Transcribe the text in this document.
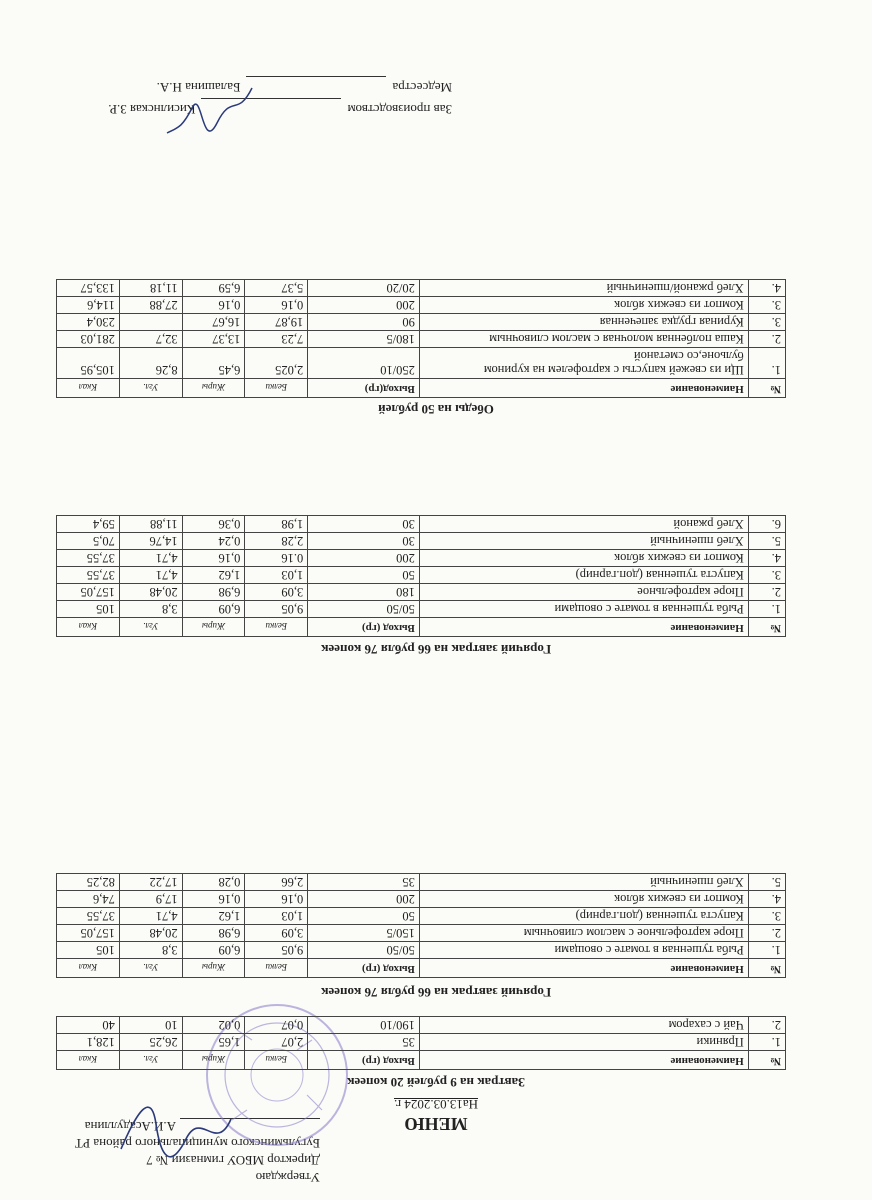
Утверждаю
Директор МБОУ гимназии № 7
Бугульминского муниципального района РТ
А.И.Асадуллина	МЕНЮ
На13.03.2024 г.
Завтрак на 9 рублей 20 копеек
№	Наименование	Выход (гр)	Белки	Жиры	Угл.	Ккал
1.	Пряники	35	2,07	1,65	26,25	128,1
2.	Чай с сахаром	190/10	0,07	0,02	10	40
Горячий завтрак на 66 рубля 76 копеек
№	Наименование	Выход (гр)	Белки	Жиры	Угл.	Ккал
1.	Рыба тушенная в томате с овощами	50/50	9,05	6,09	3,8	105
2.	Пюре картофельное с маслом сливочным	150/5	3,09	6,98	20,48	157,05
3.	Капуста тушенная (доп.гарнир)	50	1,03	1,62	4,71	37,55
4.	Компот из свежих яблок	200	0,16	0,16	17,9	74,6
5.	Хлеб пшеничный	35	2,66	0,28	17,22	82,25
Горячий завтрак на 66 рубля 76 копеек
№	Наименование	Выход (гр)	Белки	Жиры	Угл.	Ккал
1.	Рыба тушенная в томате с овощами	50/50	9,05	6,09	3,8	105
2.	Пюре картофельное	180	3,09	6,98	20,48	157,05
3.	Капуста тушенная (доп.гарнир)	50	1,03	1,62	4,71	37,55
4.	Компот из свежих яблок	200	0.16	0,16	4,71	37,55
5.	Хлеб пшеничный	30	2,28	0,24	14,76	70,5
6.	Хлеб ржаной	30	1,98	0,36	11,88	59,4
Обеды на 50 рублей
№	Наименование	Выход(гр)	Белки	Жиры	Угл.	Ккал
1.	Щи из свежей капусты с картофелем на курином бульоне,со сметаной	250/10	2,025	6,45	8,26	105,95
2.	Каша полбенная молочная с маслом сливочным	180/5	7,23	13,37	32,7	281,03
3.	Куриная грудка запеченная	90	19,87	16,67		230,4
3.	Компот из свежих яблок	200	0,16	0,16	27,88	114,6
4.	Хлеб ржаной/пшеничный	20/20	5,37	6,59	11,18	133,57
Зав производствомКисилнская З.Р.
МедсестраБалашина Н.А.
